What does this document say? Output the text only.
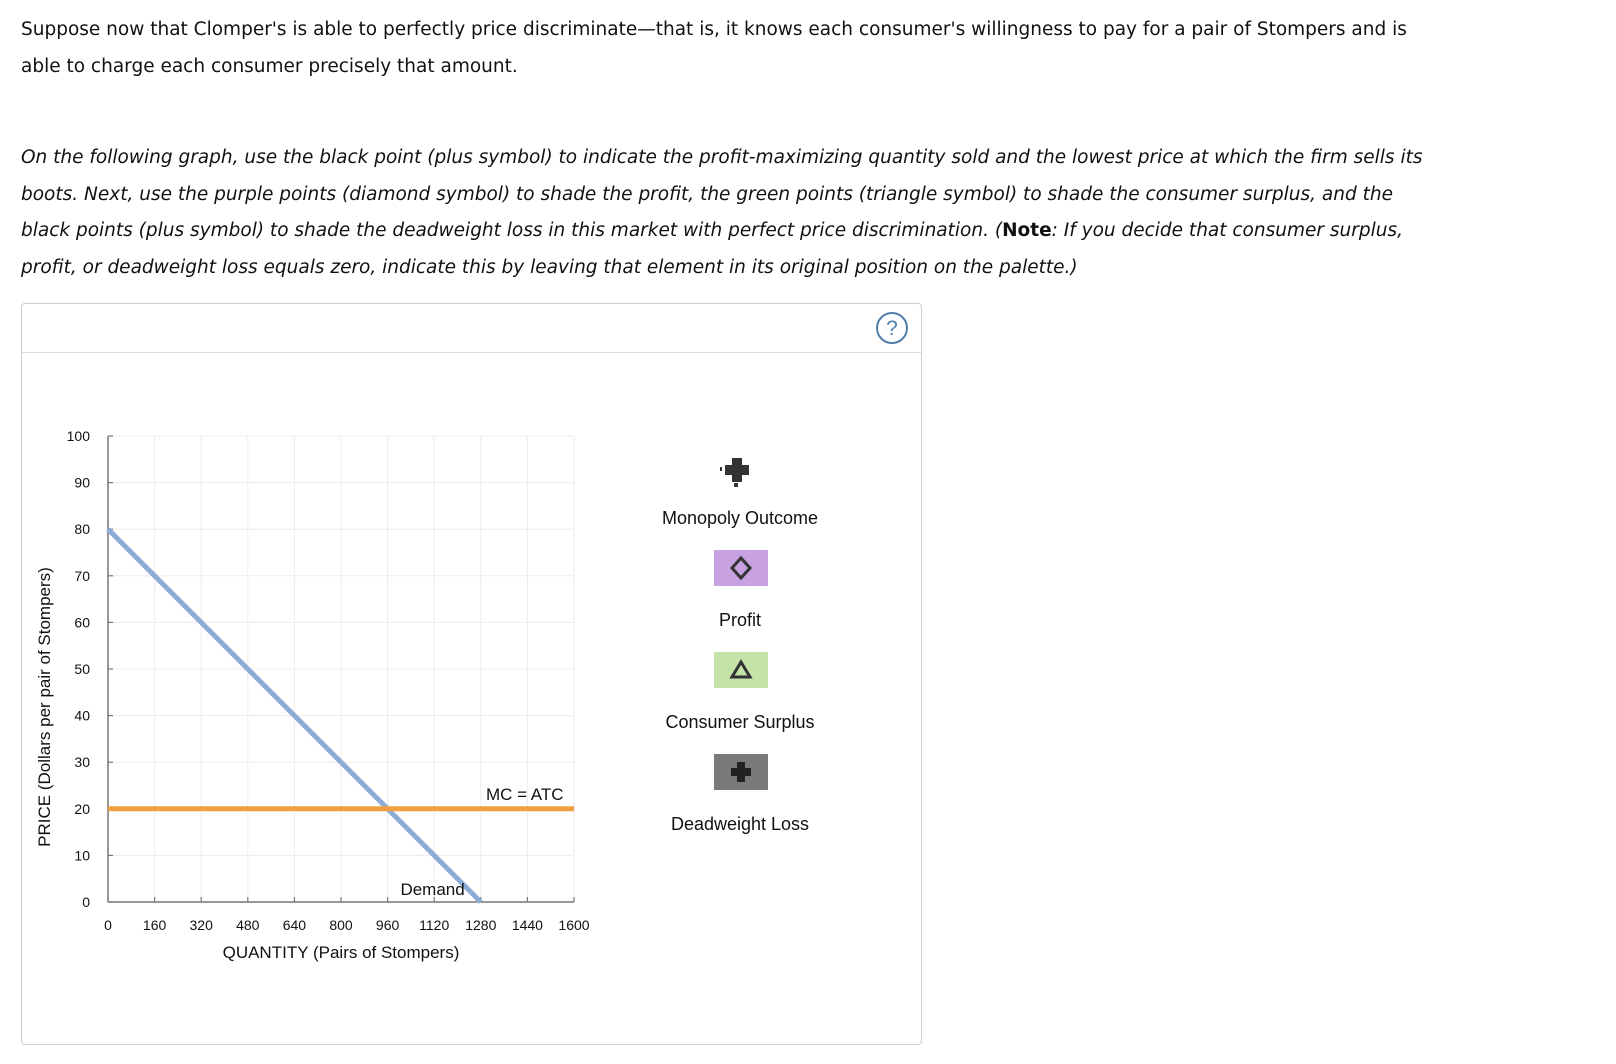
Suppose now that Clomper's is able to perfectly price discriminate—that is, it knows each consumer's willingness to pay for a pair of Stompers and is able to charge each consumer precisely that amount.

On the following graph, use the black point (plus symbol) to indicate the profit-maximizing quantity sold and the lowest price at which the firm sells its boots. Next, use the purple points (diamond symbol) to shade the profit, the green points (triangle symbol) to shade the consumer surplus, and the black points (plus symbol) to shade the deadweight loss in this market with perfect price discrimination. (Note: If you decide that consumer surplus, profit, or deadweight loss equals zero, indicate this by leaving that element in its original position on the palette.)

?
0 160 320 480 640 800 960 1120 1280 1440 1600
0
10
20
30
40
50
60
70
80
90
100
Demand
MC = ATC
QUANTITY (Pairs of Stompers)
PRICE (Dollars per pair of Stompers)
Monopoly Outcome
Profit
Consumer Surplus
Deadweight Loss
